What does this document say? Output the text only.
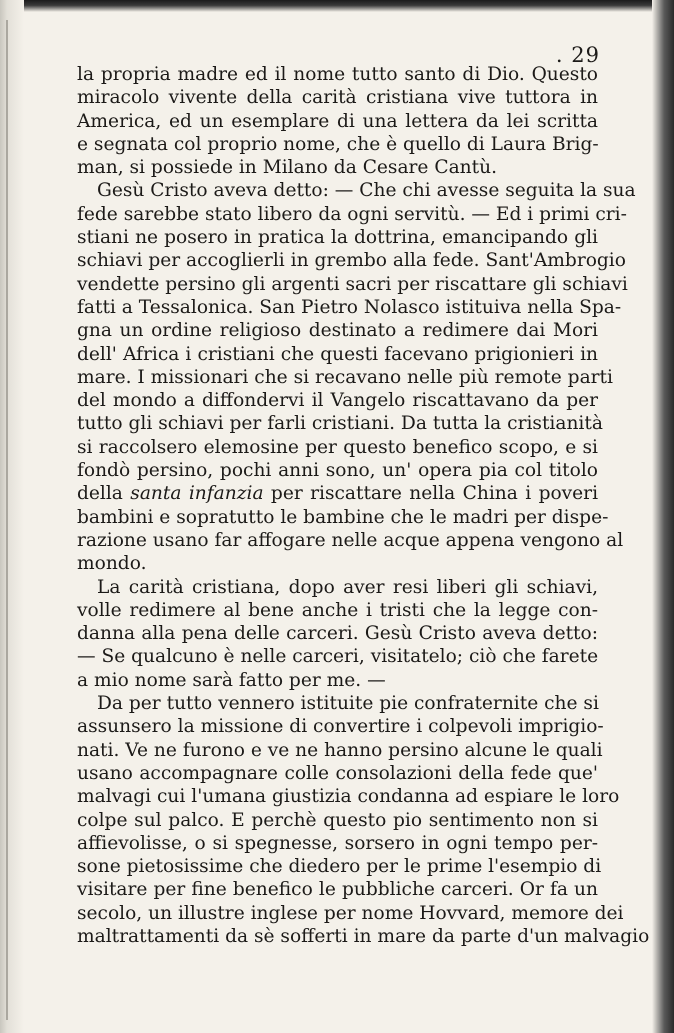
. 29
la propria madre ed il nome tutto santo di Dio. Questo
miracolo vivente della carità cristiana vive tuttora in
America, ed un esemplare di una lettera da lei scritta
e segnata col proprio nome, che è quello di Laura Brig-
man, si possiede in Milano da Cesare Cantù.
Gesù Cristo aveva detto: — Che chi avesse seguita la sua
fede sarebbe stato libero da ogni servitù. — Ed i primi cri-
stiani ne posero in pratica la dottrina, emancipando gli
schiavi per accoglierli in grembo alla fede. Sant'Ambrogio
vendette persino gli argenti sacri per riscattare gli schiavi
fatti a Tessalonica. San Pietro Nolasco istituiva nella Spa-
gna un ordine religioso destinato a redimere dai Mori
dell' Africa i cristiani che questi facevano prigionieri in
mare. I missionari che si recavano nelle più remote parti
del mondo a diffondervi il Vangelo riscattavano da per
tutto gli schiavi per farli cristiani. Da tutta la cristianità
si raccolsero elemosine per questo benefico scopo, e si
fondò persino, pochi anni sono, un' opera pia col titolo
della santa infanzia per riscattare nella China i poveri
bambini e sopratutto le bambine che le madri per dispe-
razione usano far affogare nelle acque appena vengono al
mondo.
La carità cristiana, dopo aver resi liberi gli schiavi,
volle redimere al bene anche i tristi che la legge con-
danna alla pena delle carceri. Gesù Cristo aveva detto:
— Se qualcuno è nelle carceri, visitatelo; ciò che farete
a mio nome sarà fatto per me. —
Da per tutto vennero istituite pie confraternite che si
assunsero la missione di convertire i colpevoli imprigio-
nati. Ve ne furono e ve ne hanno persino alcune le quali
usano accompagnare colle consolazioni della fede que'
malvagi cui l'umana giustizia condanna ad espiare le loro
colpe sul palco. E perchè questo pio sentimento non si
affievolisse, o si spegnesse, sorsero in ogni tempo per-
sone pietosissime che diedero per le prime l'esempio di
visitare per fine benefico le pubbliche carceri. Or fa un
secolo, un illustre inglese per nome Hovvard, memore dei
maltrattamenti da sè sofferti in mare da parte d'un malvagio
